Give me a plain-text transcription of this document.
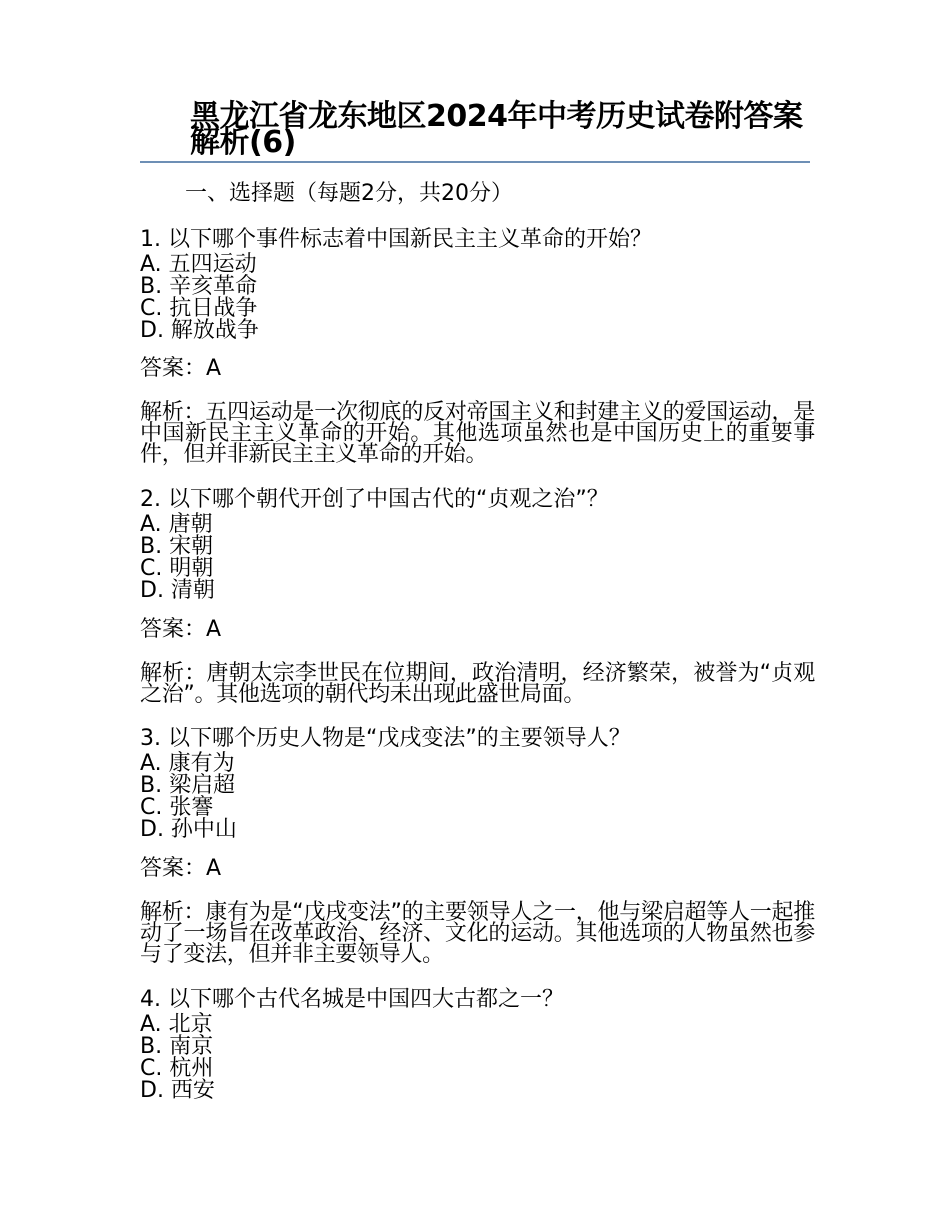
黑龙江省龙东地区2024年中考历史试卷附答案解析(6)
一、选择题（每题2分，共20分）
1. 以下哪个事件标志着中国新民主主义革命的开始？
A. 五四运动
B. 辛亥革命
C. 抗日战争
D. 解放战争
答案：A
解析：五四运动是一次彻底的反对帝国主义和封建主义的爱国运动，是中国新民主主义革命的开始。其他选项虽然也是中国历史上的重要事件，但并非新民主主义革命的开始。
2. 以下哪个朝代开创了中国古代的“贞观之治”？
A. 唐朝
B. 宋朝
C. 明朝
D. 清朝
答案：A
解析：唐朝太宗李世民在位期间，政治清明，经济繁荣，被誉为“贞观之治”。其他选项的朝代均未出现此盛世局面。
3. 以下哪个历史人物是“戊戌变法”的主要领导人？
A. 康有为
B. 梁启超
C. 张謇
D. 孙中山
答案：A
解析：康有为是“戊戌变法”的主要领导人之一，他与梁启超等人一起推动了一场旨在改革政治、经济、文化的运动。其他选项的人物虽然也参与了变法，但并非主要领导人。
4. 以下哪个古代名城是中国四大古都之一？
A. 北京
B. 南京
C. 杭州
D. 西安
